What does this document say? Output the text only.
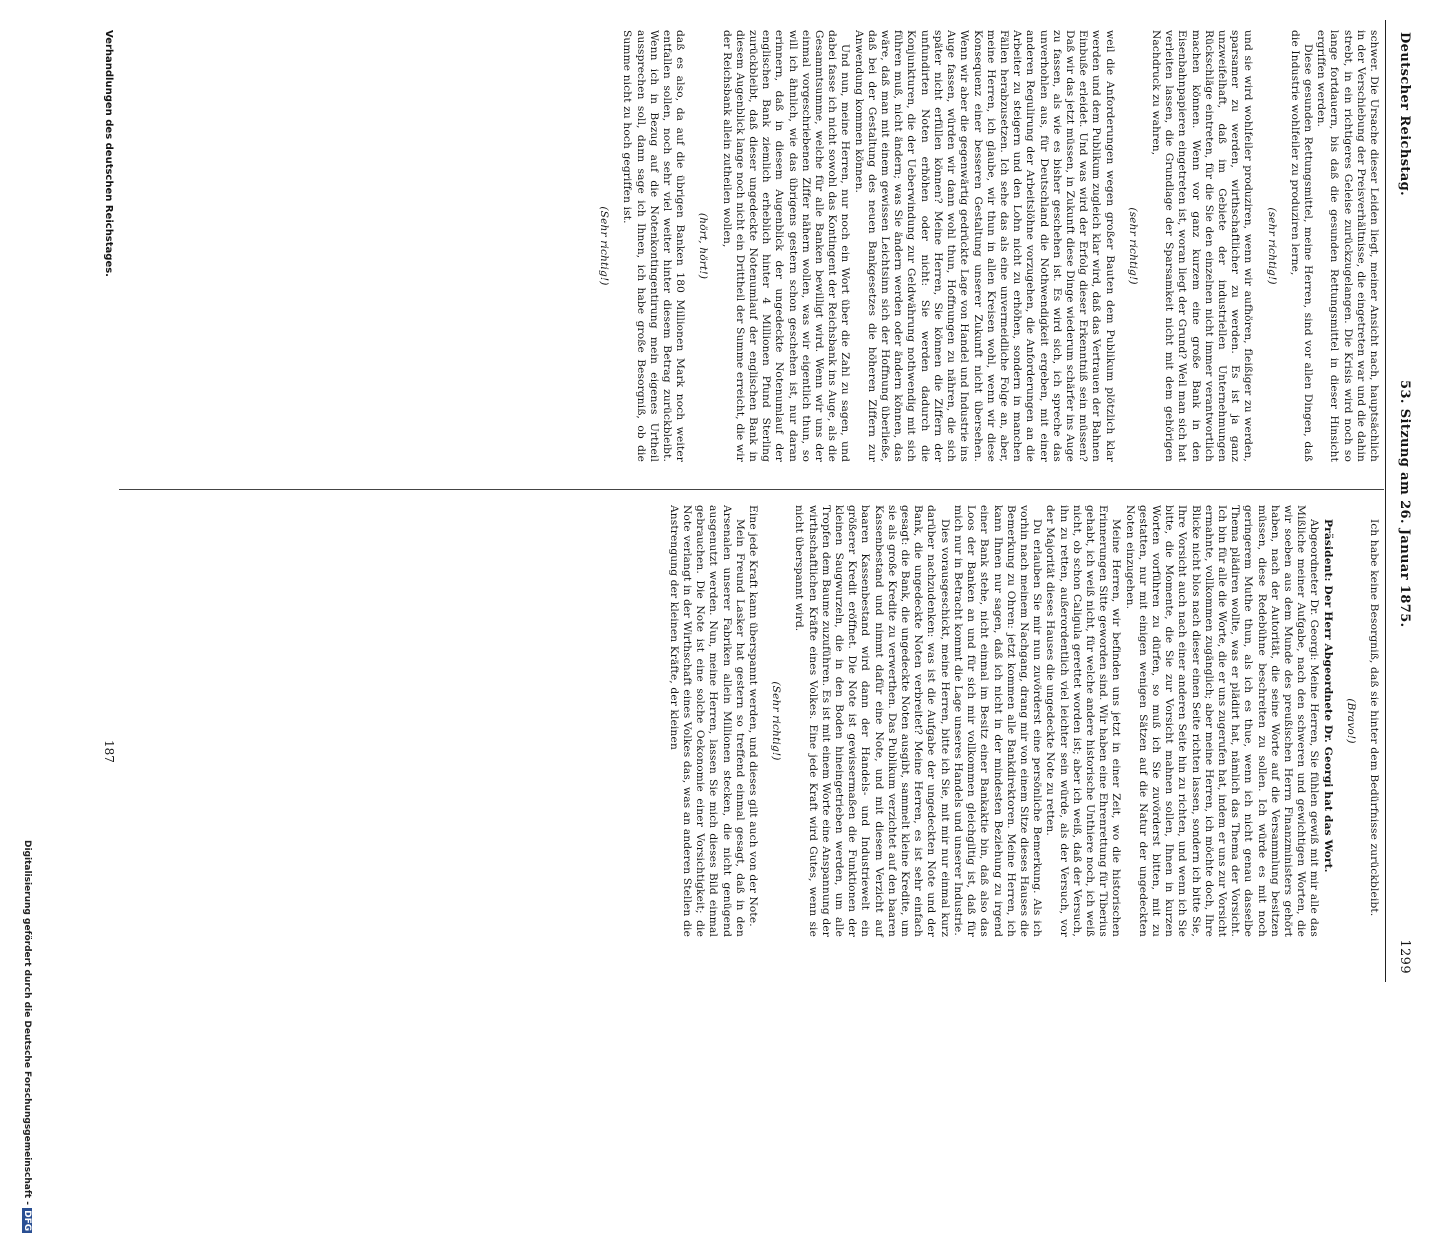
Deutscher Reichstag.
53. Sitzung am 26. Januar 1875.
1299

schwer. Die Ursache dieser Leiden liegt, meiner Ansicht nach, hauptsächlich in der Verschiebung der Preisverhältnisse, die eingetreten war und die dahin strebt, in ein richtigeres Geleise zurückzugelangen. Die Krisis wird noch so lange fortdauern, bis daß die gesunden Rettungsmittel in dieser Hinsicht ergriffen werden.

Diese gesunden Rettungsmittel, meine Herren, sind vor allen Dingen, daß die Industrie wohlfeiler zu produziren lerne,

(sehr richtig!)

und sie wird wohlfeiler produziren, wenn wir aufhören, fleißiger zu werden, sparsamer zu werden, wirthschaftlicher zu werden. Es ist ja ganz unzweifelhaft, daß im Gebiete der industriellen Unternehmungen Rückschläge eintreten, für die Sie den einzelnen nicht immer verantwortlich machen können. Wenn vor ganz kurzem eine große Bank in den Eisenbahnpapieren eingetreten ist, woran liegt der Grund? Weil man sich hat verleiten lassen, die Grundlage der Sparsamkeit nicht mit dem gehörigen Nachdruck zu wahren,

(sehr richtig!)

weil die Anforderungen wegen großer Bauten dem Publikum plötzlich klar werden und dem Publikum zugleich klar wird, daß das Vertrauen der Bahnen Einbuße erleidet. Und was wird der Erfolg dieser Erkenntniß sein müssen? Daß wir das jetzt müssen, in Zukunft diese Dinge wiederum schärfer ins Auge zu fassen, als wie es bisher geschehen ist. Es wird sich, ich spreche das unverhohlen aus, für Deutschland die Nothwendigkeit ergeben, mit einer anderen Regulirung der Arbeitslöhne vorzugehen, die Anforderungen an die Arbeiter zu steigern und den Lohn nicht zu erhöhen, sondern in manchen Fällen herabzusetzen. Ich sehe das als eine unvermeidliche Folge an, aber, meine Herren, ich glaube, wir thun in allen Kreisen wohl, wenn wir diese Konsequenz einer besseren Gestaltung unserer Zukunft nicht übersehen. Wenn wir aber die gegenwärtig gedrückte Lage von Handel und Industrie ins Auge fassen, würden wir dann wohl thun, Hoffnungen zu nähren, die sich später nicht erfüllen können? Meine Herren, Sie können die Ziffern der unfundirten Noten erhöhen oder nicht: Sie werden dadurch die Konjunkturen, die der Ueberwindung zur Geldwährung nothwendig mit sich führen muß, nicht ändern; was Sie ändern werden oder ändern können, das wäre, daß man mit einem gewissen Leichtsinn sich der Hoffnung überließe, daß bei der Gestaltung des neuen Bankgesetzes die höheren Ziffern zur Anwendung kommen können.

Und nun, meine Herren, nur noch ein Wort über die Zahl zu sagen, und dabei fasse ich nicht sowohl das Kontingent der Reichsbank ins Auge, als die Gesammtsumme, welche für alle Banken bewilligt wird. Wenn wir uns der einmal vorgeschriebenen Ziffer nähern wollen, was wir eigentlich thun, so will ich ähnlich, wie das übrigens gestern schon geschehen ist, nur daran erinnern, daß in diesem Augenblick der ungedeckte Notenumlauf der englischen Bank ziemlich erheblich hinter 4 Millionen Pfund Sterling zurückbleibt, daß dieser ungedeckte Notenumlauf der englischen Bank in diesem Augenblick lange noch nicht ein Drittheil der Summe erreicht, die wir der Reichsbank allein zutheilen wollen,

(hört, hört!)

daß es also, da auf die übrigen Banken 180 Millionen Mark noch weiter entfallen sollen, noch sehr viel weiter hinter diesem Betrag zurückbleibt. Wenn ich in Bezug auf die Notenkontingentirung mein eigenes Urtheil aussprechen soll, dann sage ich Ihnen, ich habe große Besorgniß, ob die Summe nicht zu hoch gegriffen ist.

(Sehr richtig!)

Ich habe keine Besorgniß, daß sie hinter dem Bedürfnisse zurückbleibt.

(Bravo!)

Präsident: Der Herr Abgeordnete Dr. Georgi hat das Wort.

Abgeordneter Dr. Georgi: Meine Herren, Sie fühlen gewiß mit mir alle das Mißliche meiner Aufgabe, nach den schweren und gewichtigen Worten, die wir soeben aus dem Munde des preußischen Herrn Finanzministers gehört haben, nach der Autorität, die seine Worte auf die Versammlung besitzen müssen, diese Redebühne beschreiten zu sollen. Ich würde es mit noch geringerem Muthe thun, als ich es thue, wenn ich nicht genau dasselbe Thema plädiren wollte, was er plädirt hat, nämlich das Thema der Vorsicht. Ich bin für alle die Worte, die er uns zugerufen hat, indem er uns zur Vorsicht ermahnte, vollkommen zugänglich; aber meine Herren, ich möchte doch, Ihre Blicke nicht blos nach dieser einen Seite richten lassen, sondern ich bitte Sie, Ihre Vorsicht auch nach einer anderen Seite hin zu richten, und wenn ich Sie bitte, die Momente, die Sie zur Vorsicht mahnen sollen, Ihnen in kurzen Worten vorführen zu dürfen, so muß ich Sie zuvörderst bitten, mit zu gestatten, nur mit einigen wenigen Sätzen auf die Natur der ungedeckten Noten einzugehen.

Meine Herren, wir befinden uns jetzt in einer Zeit, wo die historischen Erinnerungen Sitte geworden sind. Wir haben eine Ehrenrettung für Tiberius gehabt, ich weiß nicht, für welche andere historische Unthiere noch, ich weiß nicht, ob schon Caligula gerettet worden ist; aber ich weiß, daß der Versuch, ihn zu retten, außerordentlich viel leichter sein würde, als der Versuch, vor der Majorität dieses Hauses die ungedeckte Note zu retten.

Du erlauben Sie mir nun zuvörderst eine persönliche Bemerkung. Als ich vorhin nach meinem Nachgang, drang mir von einem Sitze dieses Hauses die Bemerkung zu Ohren: jetzt kommen alle Bankdirektoren. Meine Herren, ich kann Ihnen nur sagen, daß ich nicht in der mindesten Beziehung zu irgend einer Bank stehe, nicht einmal im Besitz einer Bankaktie bin, daß also das Loos der Banken an und für sich mir vollkommen gleichgiltig ist, daß für mich nur in Betracht kommt die Lage unseres Handels und unserer Industrie.

Dies vorausgeschickt, meine Herren, bitte ich Sie, mit mir nur einmal kurz darüber nachzudenken: was ist die Aufgabe der ungedeckten Note und der Bank, die ungedeckte Noten verbreitet? Meine Herren, es ist sehr einfach gesagt: die Bank, die ungedeckte Noten ausgibt, sammelt kleine Kredite, um sie als große Kredite zu verwerthen. Das Publikum verzichtet auf den baaren Kassenbestand und nimmt dafür eine Note, und mit diesem Verzicht auf baaren Kassenbestand wird dann der Handels- und Industriewelt ein größerer Kredit eröffnet. Die Note ist gewissermaßen die Funktionen der kleinen Saugwurzeln, die in den Boden hineingetrieben werden, um alle Tropfen dem Baume zuzuführen. Es ist mit einem Worte eine Anspannung der wirthschaftlichen Kräfte eines Volkes. Eine jede Kraft wird Gutes, wenn sie nicht überspannt wird.

(Sehr richtig!)

Eine jede Kraft kann überspannt werden, und dieses gilt auch von der Note.

Mein Freund Lasker hat gestern so treffend einmal gesagt, daß in den Arsenalen unserer Fabriken allein Millionen stecken, die nicht genügend ausgenutzt werden. Nun, meine Herren, lassen Sie mich dieses Bild einmal gebrauchen. Die Note ist eine solche Oekonomie einer Vorsichtigkeit; die Note verlangt in der Wirthschaft eines Volkes das, was an anderen Stellen die Anstrengung der kleinen Kräfte, der kleinen

Verhandlungen des deutschen Reichstages.
187
Digitalisierung gefördert durch die Deutsche Forschungsgemeinschaft - DFG
